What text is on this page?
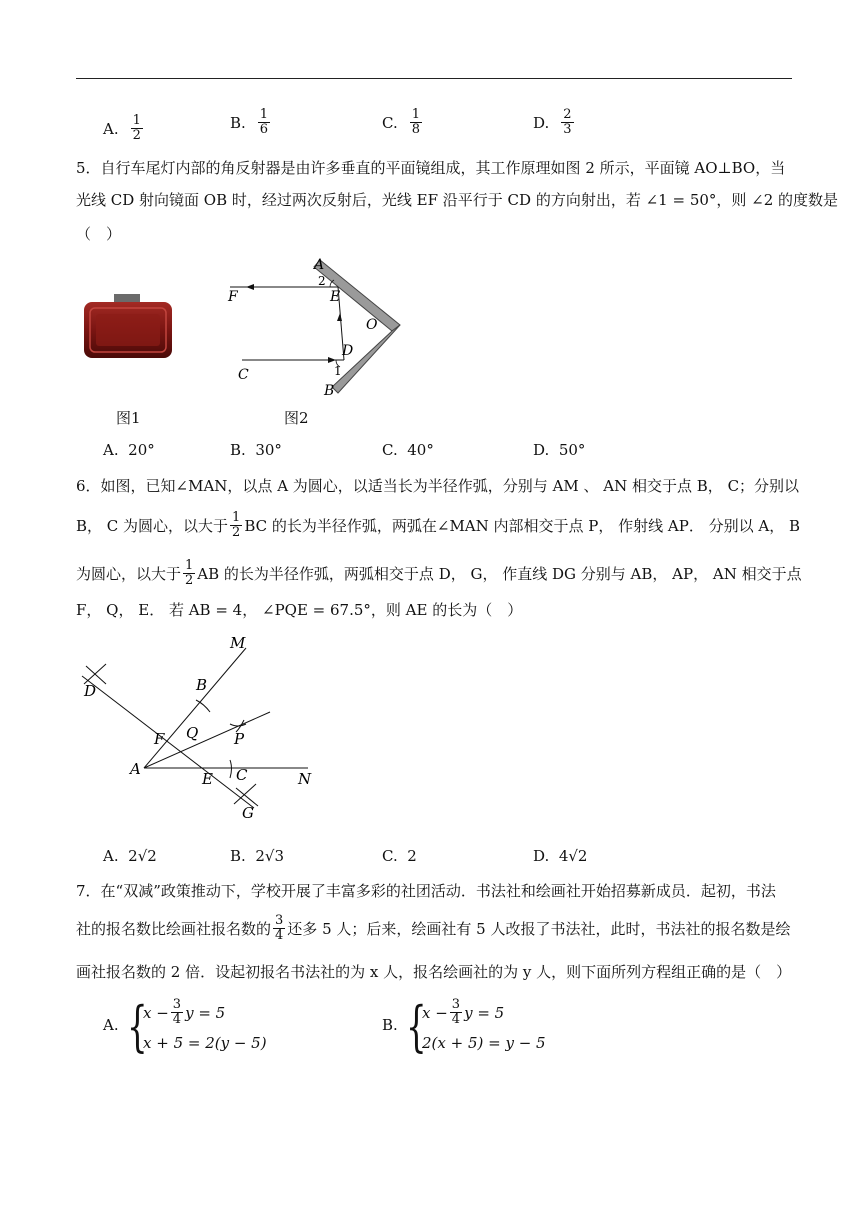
A. $\frac{1}{2}$	B. $\frac{1}{6}$	C. $\frac{1}{8}$	D. $\frac{2}{3}$
5．自行车尾灯内部的角反射器是由许多垂直的平面镜组成，其工作原理如图 2 所示，平面镜 AO⊥BO，当
光线 CD 射向镜面 OB 时，经过两次反射后，光线 EF 沿平行于 CD 的方向射出，若 ∠1 = 50°，则 ∠2 的度数是
（　）
图1
A
B
C
D
E
F
O
1
2
图2
A. 20°	B. 30°	C. 40°	D. 50°
6．如图，已知∠MAN，以点 A 为圆心，以适当长为半径作弧，分别与 AM 、 AN 相交于点 B， C；分别以
B， C 为圆心，以大于 $\frac{1}{2}$ BC 的长为半径作弧，两弧在∠MAN 内部相交于点 P， 作射线 AP． 分别以 A， B
为圆心，以大于 $\frac{1}{2}$ AB 的长为半径作弧，两弧相交于点 D， G， 作直线 DG 分别与 AB， AP， AN 相交于点
F， Q， E． 若 AB = 4， ∠PQE = 67.5°，则 AE 的长为（　）
M
D	B
F Q P
A
E C	N
G
A. 2√2	B. 2√3	C. 2	D. 4√2
7．在“双减”政策推动下，学校开展了丰富多彩的社团活动．书法社和绘画社开始招募新成员．起初，书法
社的报名数比绘画社报名数的 $\frac{3}{4}$ 还多 5 人；后来，绘画社有 5 人改报了书法社，此时，书法社的报名数是绘
画社报名数的 2 倍．设起初报名书法社的为 x 人，报名绘画社的为 y 人，则下面所列方程组正确的是（　）
A. {
$x - \frac{3}{4}$ y = 5
x + 5 = 2(y − 5)
B. {
$x - \frac{3}{4}$ y = 5
2(x + 5) = y − 5
